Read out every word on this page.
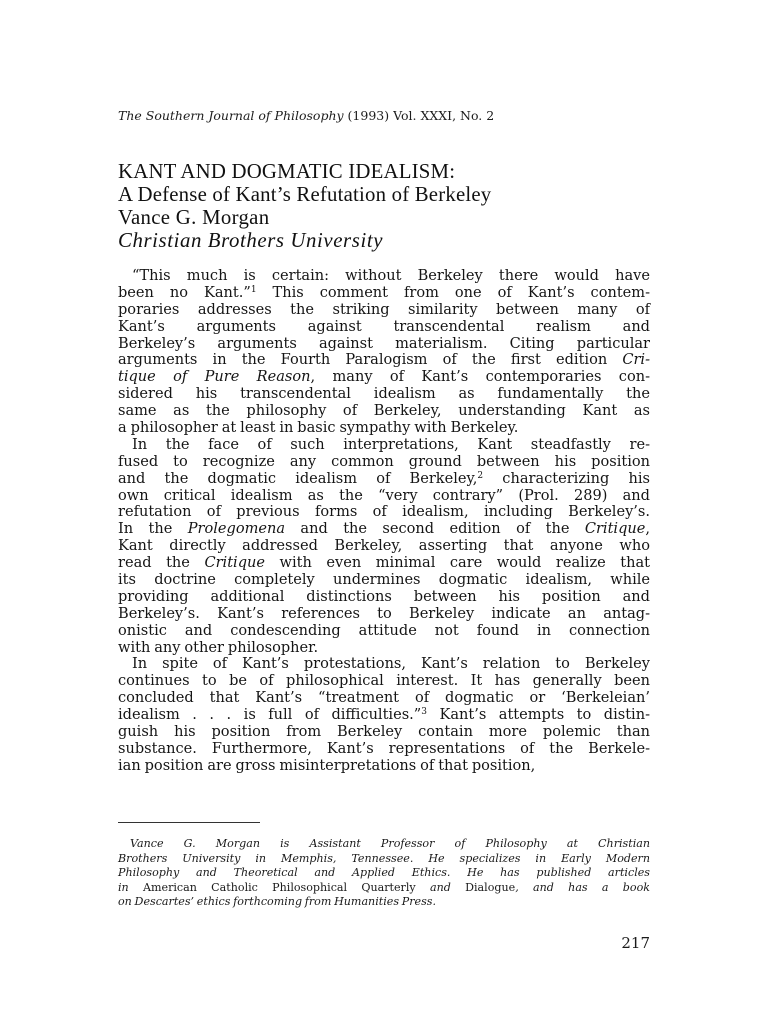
The Southern Journal of Philosophy (1993) Vol. XXXI, No. 2
KANT AND DOGMATIC IDEALISM:
A Defense of Kant’s Refutation of Berkeley
Vance G. Morgan
Christian Brothers University
“This much is certain: without Berkeley there would have
been no Kant.”$^1$ This comment from one of Kant’s contem-
poraries addresses the striking similarity between many of
Kant’s arguments against transcendental realism and
Berkeley’s arguments against materialism. Citing particular
arguments in the Fourth Paralogism of the first edition Cri-
tique of Pure Reason, many of Kant’s contemporaries con-
sidered his transcendental idealism as fundamentally the
same as the philosophy of Berkeley, understanding Kant as
a philosopher at least in basic sympathy with Berkeley.
In the face of such interpretations, Kant steadfastly re-
fused to recognize any common ground between his position
and the dogmatic idealism of Berkeley,$^2$ characterizing his
own critical idealism as the “very contrary” (Prol. 289) and
refutation of previous forms of idealism, including Berkeley’s.
In the Prolegomena and the second edition of the Critique,
Kant directly addressed Berkeley, asserting that anyone who
read the Critique with even minimal care would realize that
its doctrine completely undermines dogmatic idealism, while
providing additional distinctions between his position and
Berkeley’s. Kant’s references to Berkeley indicate an antag-
onistic and condescending attitude not found in connection
with any other philosopher.
In spite of Kant’s protestations, Kant’s relation to Berkeley
continues to be of philosophical interest. It has generally been
concluded that Kant’s “treatment of dogmatic or ‘Berkeleian’
idealism . . . is full of difficulties.”$^3$ Kant’s attempts to distin-
guish his position from Berkeley contain more polemic than
substance. Furthermore, Kant’s representations of the Berkele-
ian position are gross misinterpretations of that position,
Vance G. Morgan is Assistant Professor of Philosophy at Christian
Brothers University in Memphis, Tennessee. He specializes in Early Modern
Philosophy and Theoretical and Applied Ethics. He has published articles
in American Catholic Philosophical Quarterly and Dialogue, and has a book
on Descartes’ ethics forthcoming from Humanities Press.
217
